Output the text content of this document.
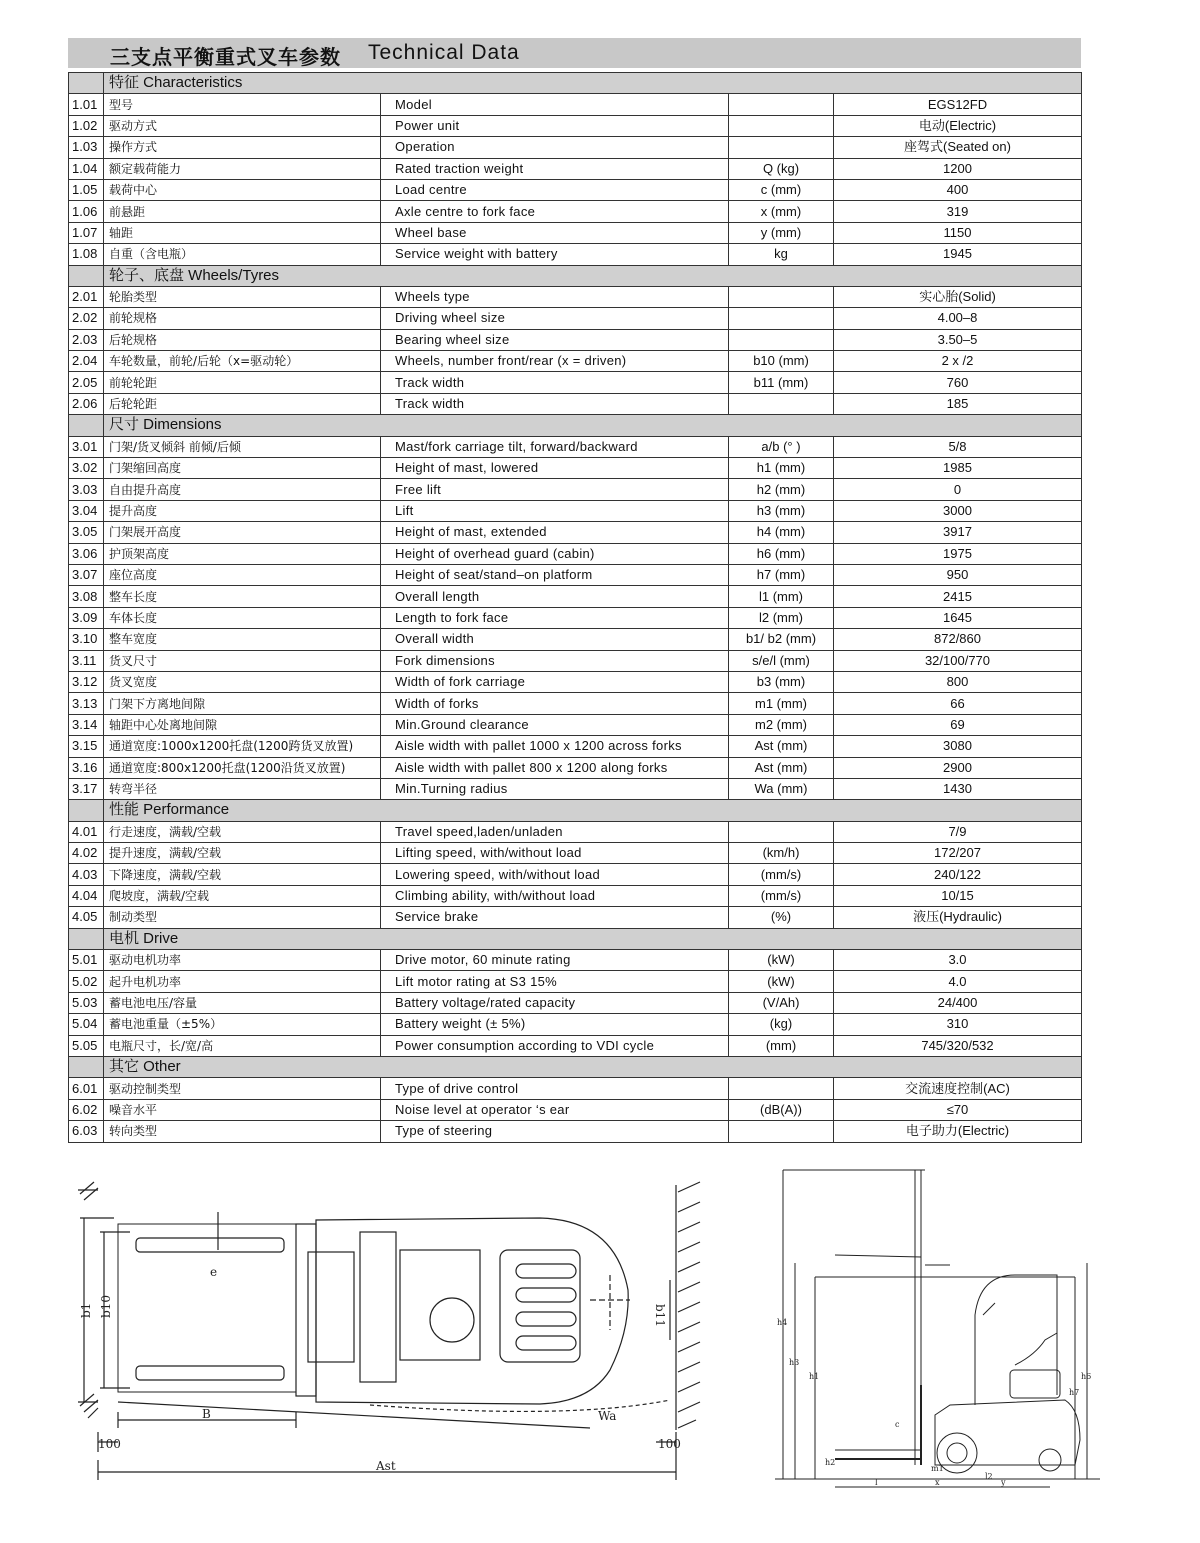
三支点平衡重式叉车参数 Technical Data
	特征 Characteristics			
1.01	型号	Model		EGS12FD
1.02	驱动方式	Power unit		电动(Electric)
1.03	操作方式	Operation		座驾式(Seated on)
1.04	额定载荷能力	Rated traction weight	Q (kg)	1200
1.05	载荷中心	Load centre	c (mm)	400
1.06	前悬距	Axle centre to fork face	x (mm)	319
1.07	轴距	Wheel base	y (mm)	1150
1.08	自重（含电瓶）	Service weight with battery	kg	1945
	轮子、底盘 Wheels/Tyres			
2.01	轮胎类型	Wheels type		实心胎(Solid)
2.02	前轮规格	Driving wheel size		4.00–8
2.03	后轮规格	Bearing wheel size		3.50–5
2.04	车轮数量，前轮/后轮（x=驱动轮）	Wheels, number front/rear (x = driven)	b10 (mm)	2 x /2
2.05	前轮轮距	Track width	b11 (mm)	760
2.06	后轮轮距	Track width		185
	尺寸 Dimensions			
3.01	门架/货叉倾斜 前倾/后倾	Mast/fork carriage tilt, forward/backward	a/b (° )	5/8
3.02	门架缩回高度	Height of mast, lowered	h1 (mm)	1985
3.03	自由提升高度	Free lift	h2 (mm)	0
3.04	提升高度	Lift	h3 (mm)	3000
3.05	门架展开高度	Height of mast, extended	h4 (mm)	3917
3.06	护顶架高度	Height of overhead guard (cabin)	h6 (mm)	1975
3.07	座位高度	Height of seat/stand–on platform	h7 (mm)	950
3.08	整车长度	Overall length	l1 (mm)	2415
3.09	车体长度	Length to fork face	l2 (mm)	1645
3.10	整车宽度	Overall width	b1/ b2 (mm)	872/860
3.11	货叉尺寸	Fork dimensions	s/e/l (mm)	32/100/770
3.12	货叉宽度	Width of fork carriage	b3 (mm)	800
3.13	门架下方离地间隙	Width of forks	m1 (mm)	66
3.14	轴距中心处离地间隙	Min.Ground clearance	m2 (mm)	69
3.15	通道宽度:1000x1200托盘(1200跨货叉放置)	Aisle width with pallet 1000 x 1200 across forks	Ast (mm)	3080
3.16	通道宽度:800x1200托盘(1200沿货叉放置)	Aisle width with pallet 800 x 1200 along forks	Ast (mm)	2900
3.17	转弯半径	Min.Turning radius	Wa (mm)	1430
	性能 Performance			
4.01	行走速度，满载/空载	Travel speed,laden/unladen		7/9
4.02	提升速度，满载/空载	Lifting speed, with/without load	(km/h)	172/207
4.03	下降速度，满载/空载	Lowering speed, with/without load	(mm/s)	240/122
4.04	爬坡度，满载/空载	Climbing ability, with/without load	(mm/s)	10/15
4.05	制动类型	Service brake	(%)	液压(Hydraulic)
	电机 Drive			
5.01	驱动电机功率	Drive motor, 60 minute rating	(kW)	3.0
5.02	起升电机功率	Lift motor rating at S3 15%	(kW)	4.0
5.03	蓄电池电压/容量	Battery voltage/rated capacity	(V/Ah)	24/400
5.04	蓄电池重量（±5%）	Battery weight (± 5%)	(kg)	310
5.05	电瓶尺寸，长/宽/高	Power consumption according to VDI cycle	(mm)	745/320/532
	其它 Other			
6.01	驱动控制类型	Type of drive control		交流速度控制(AC)
6.02	噪音水平	Noise level at operator ‘s ear	(dB(A))	≤70
6.03	转向类型	Type of steering		电子助力(Electric)
b1 b10	b11
e
B	Wa
100	100
Ast
h4
h3
h1	h6
h7
c
h2
l	x	y
l2
m1
